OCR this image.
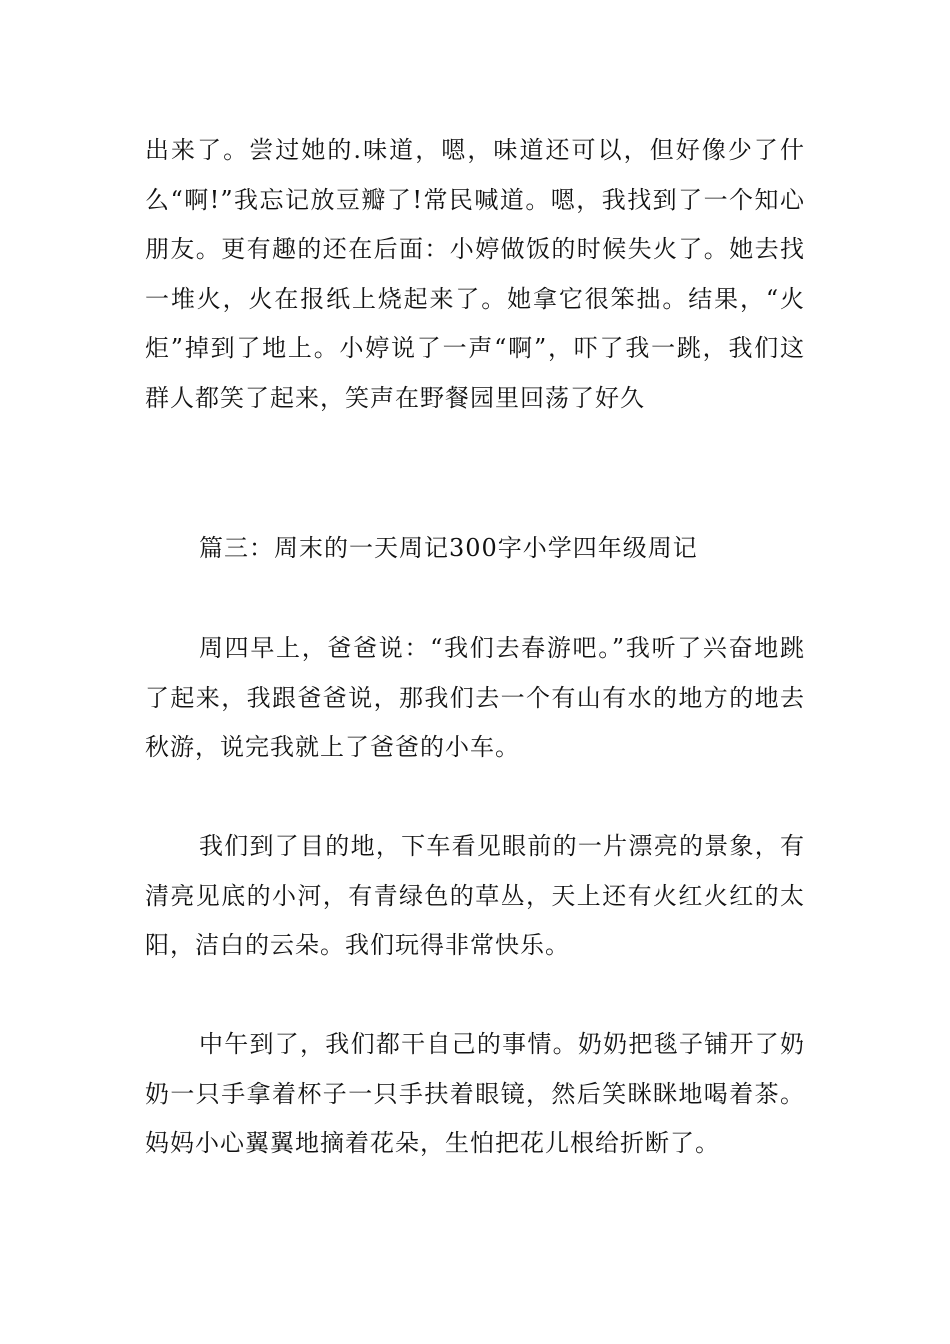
出来了。尝过她的.味道，嗯，味道还可以，但好像少了什么“啊!”我忘记放豆瓣了!常民喊道。嗯，我找到了一个知心朋友。更有趣的还在后面：小婷做饭的时候失火了。她去找一堆火，火在报纸上烧起来了。她拿它很笨拙。结果，“火炬”掉到了地上。小婷说了一声“啊”，吓了我一跳，我们这群人都笑了起来，笑声在野餐园里回荡了好久

篇三：周末的一天周记300字小学四年级周记

周四早上，爸爸说：“我们去春游吧。”我听了兴奋地跳了起来，我跟爸爸说，那我们去一个有山有水的地方的地去秋游，说完我就上了爸爸的小车。

我们到了目的地，下车看见眼前的一片漂亮的景象，有清亮见底的小河，有青绿色的草丛，天上还有火红火红的太阳，洁白的云朵。我们玩得非常快乐。

中午到了，我们都干自己的事情。奶奶把毯子铺开了奶奶一只手拿着杯子一只手扶着眼镜，然后笑眯眯地喝着茶。妈妈小心翼翼地摘着花朵，生怕把花儿根给折断了。
